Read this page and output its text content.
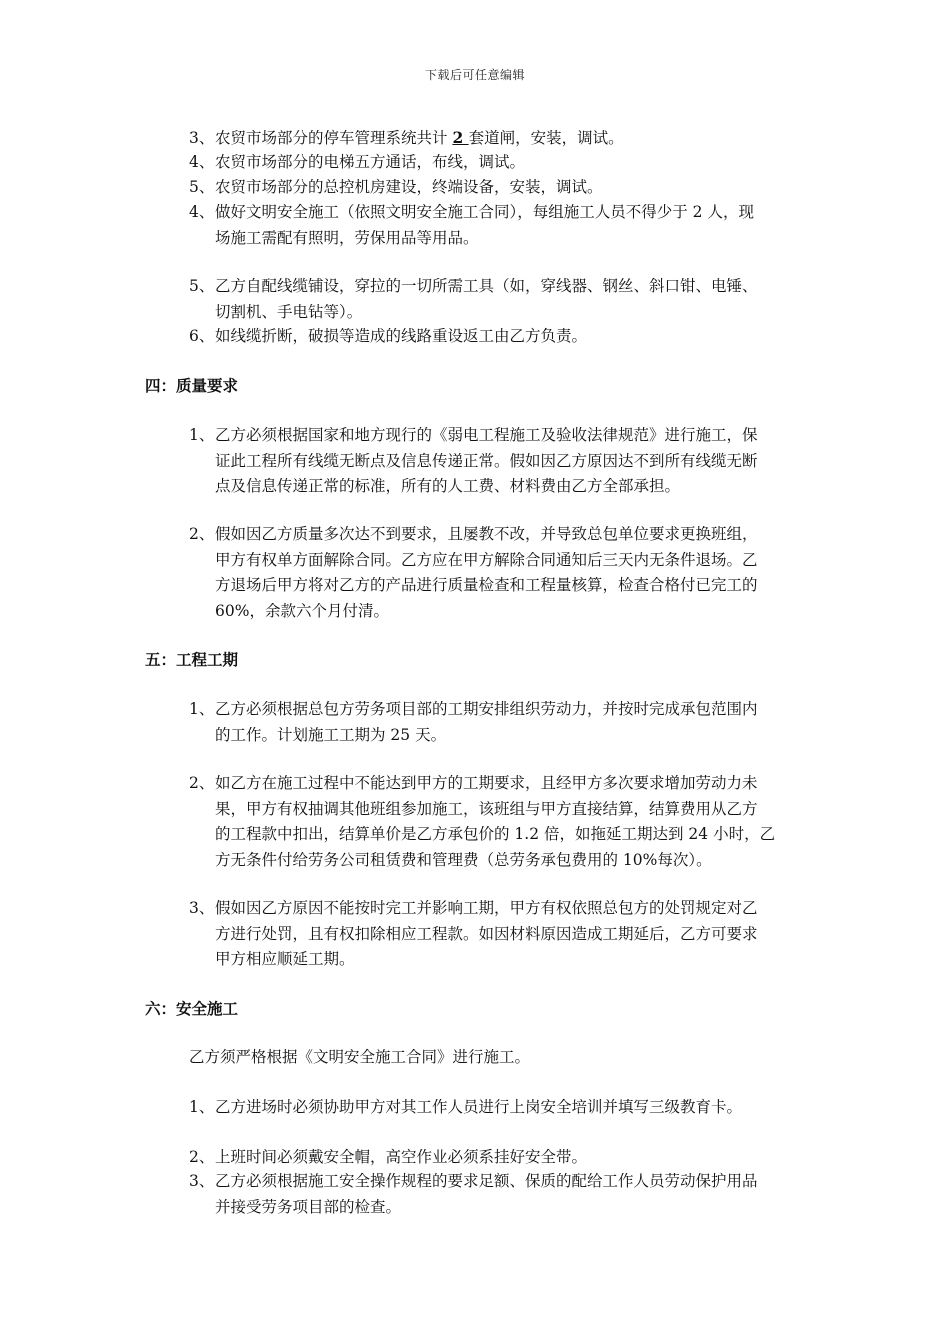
下载后可任意编辑
3、农贸市场部分的停车管理系统共计 2 套道闸，安装，调试。
4、农贸市场部分的电梯五方通话，布线，调试。
5、农贸市场部分的总控机房建设，终端设备，安装，调试。
4、做好文明安全施工（依照文明安全施工合同），每组施工人员不得少于 2 人，现

场施工需配有照明，劳保用品等用品。
5、乙方自配线缆铺设，穿拉的一切所需工具（如，穿线器、钢丝、斜口钳、电锤、

切割机、手电钻等）。
6、如线缆折断，破损等造成的线路重设返工由乙方负责。
四：质量要求
1、乙方必须根据国家和地方现行的《弱电工程施工及验收法律规范》进行施工，保
证此工程所有线缆无断点及信息传递正常。假如因乙方原因达不到所有线缆无断
点及信息传递正常的标准，所有的人工费、材料费由乙方全部承担。
2、假如因乙方质量多次达不到要求，且屡教不改，并导致总包单位要求更换班组，
甲方有权单方面解除合同。乙方应在甲方解除合同通知后三天内无条件退场。乙
方退场后甲方将对乙方的产品进行质量检查和工程量核算，检查合格付已完工的
60%，余款六个月付清。
五：工程工期
1、乙方必须根据总包方劳务项目部的工期安排组织劳动力，并按时完成承包范围内
的工作。计划施工工期为 25 天。
2、如乙方在施工过程中不能达到甲方的工期要求，且经甲方多次要求增加劳动力未
果，甲方有权抽调其他班组参加施工，该班组与甲方直接结算，结算费用从乙方
的工程款中扣出，结算单价是乙方承包价的 1.2 倍，如拖延工期达到 24 小时，乙
方无条件付给劳务公司租赁费和管理费（总劳务承包费用的 10%每次）。
3、假如因乙方原因不能按时完工并影响工期，甲方有权依照总包方的处罚规定对乙
方进行处罚，且有权扣除相应工程款。如因材料原因造成工期延后，乙方可要求
甲方相应顺延工期。
六：安全施工
乙方须严格根据《文明安全施工合同》进行施工。
1、乙方进场时必须协助甲方对其工作人员进行上岗安全培训并填写三级教育卡。
2、上班时间必须戴安全帽，高空作业必须系挂好安全带。
3、乙方必须根据施工安全操作规程的要求足额、保质的配给工作人员劳动保护用品
并接受劳务项目部的检查。
